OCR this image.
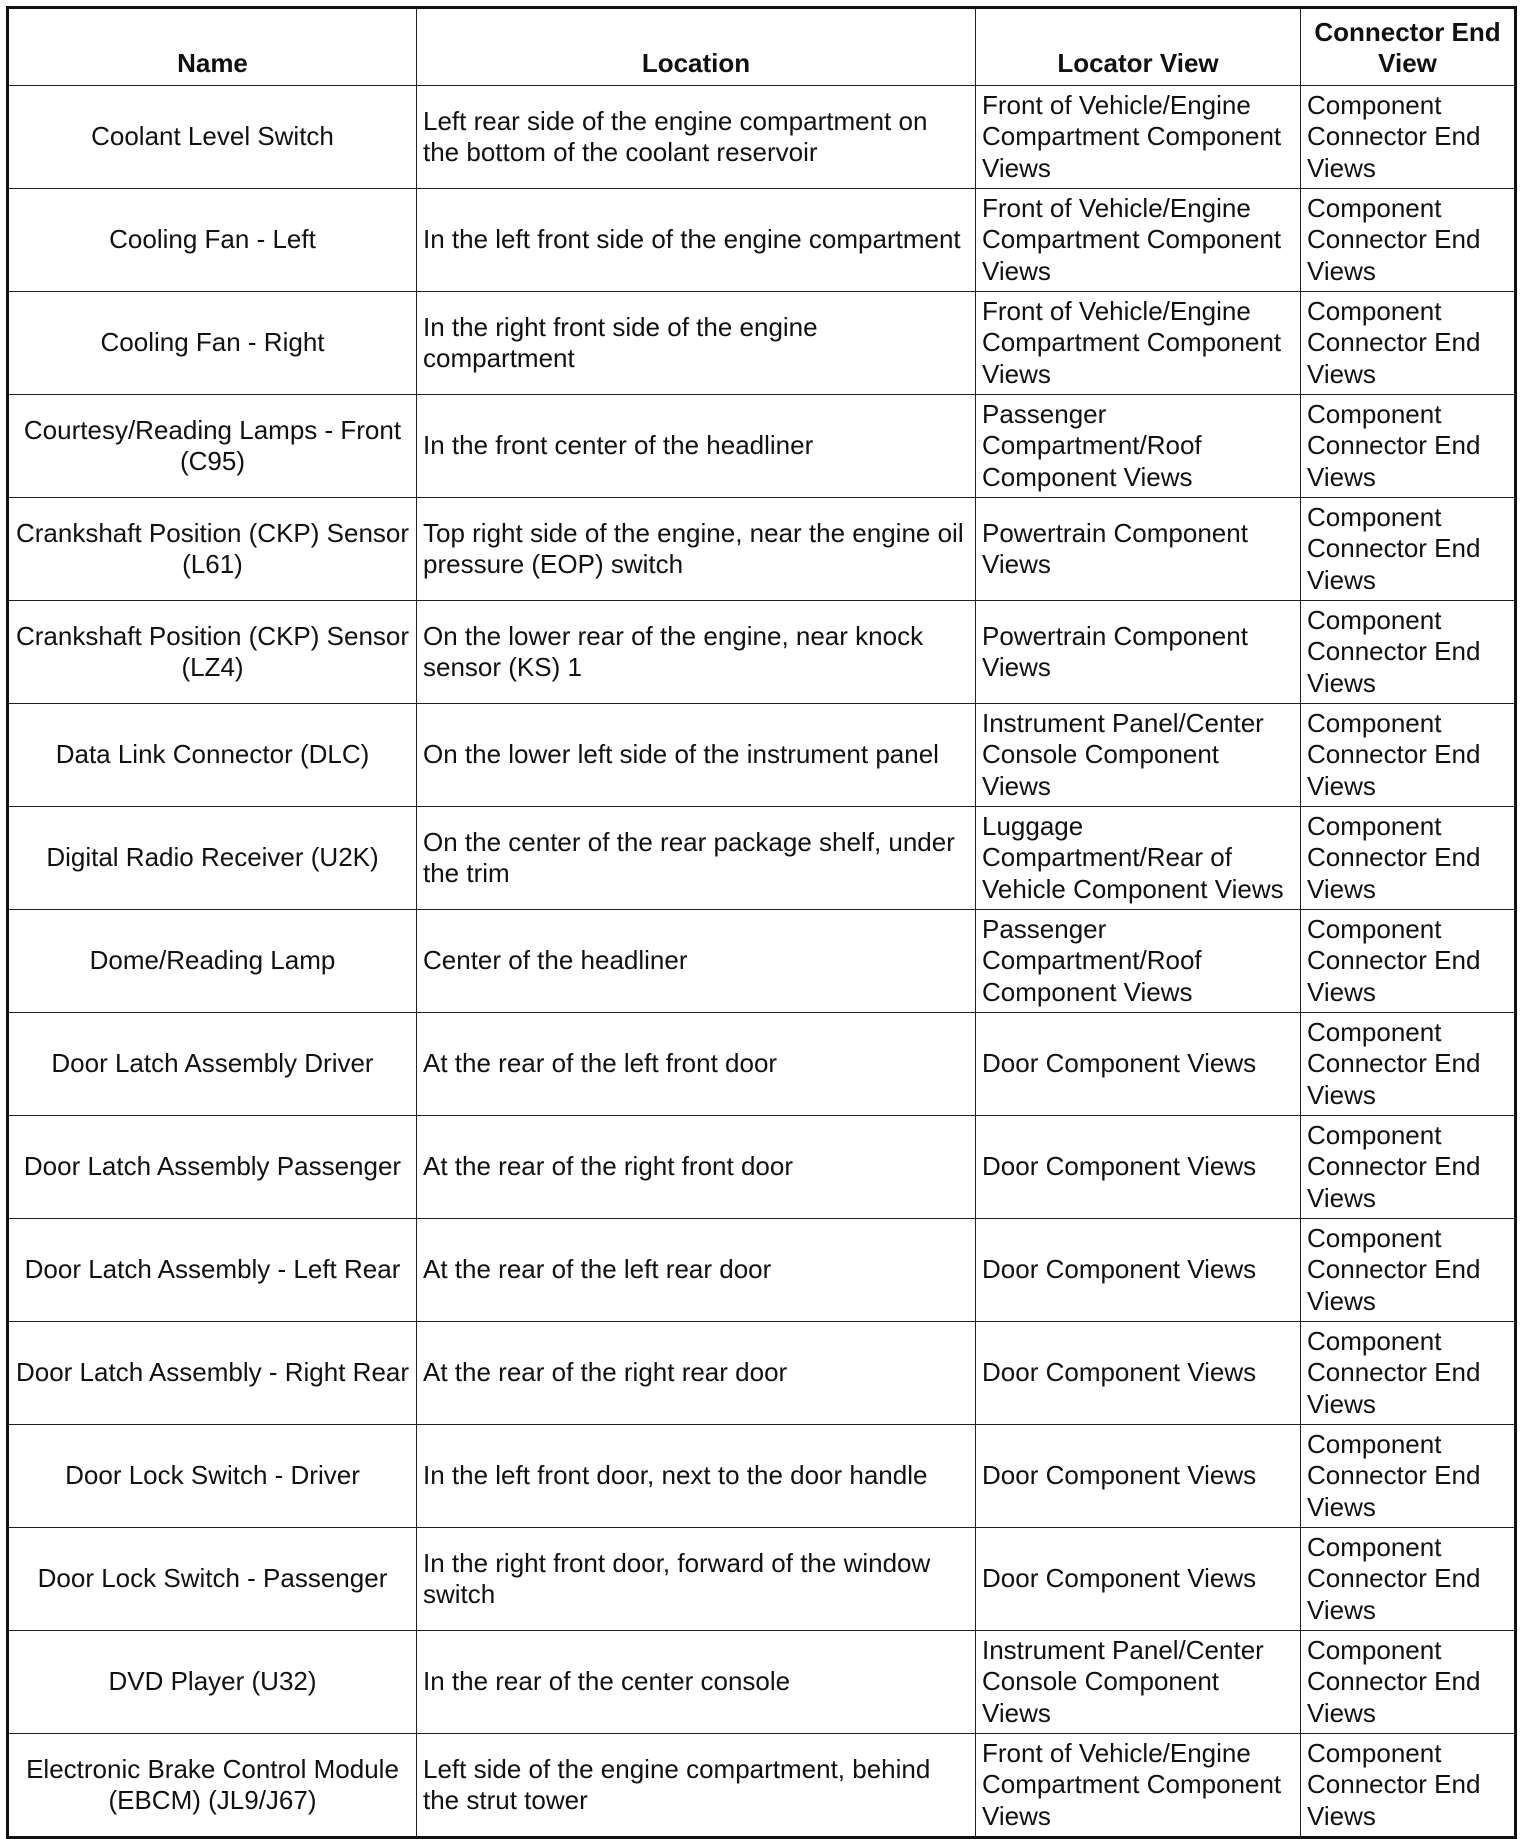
Name	Location	Locator View	Connector End View
Coolant Level Switch	Left rear side of the engine compartment on the bottom of the coolant reservoir	Front of Vehicle/Engine Compartment Component Views	Component Connector End Views
Cooling Fan - Left	In the left front side of the engine compartment	Front of Vehicle/Engine Compartment Component Views	Component Connector End Views
Cooling Fan - Right	In the right front side of the engine compartment	Front of Vehicle/Engine Compartment Component Views	Component Connector End Views
Courtesy/Reading Lamps - Front (C95)	In the front center of the headliner	Passenger Compartment/Roof Component Views	Component Connector End Views
Crankshaft Position (CKP) Sensor (L61)	Top right side of the engine, near the engine oil pressure (EOP) switch	Powertrain Component Views	Component Connector End Views
Crankshaft Position (CKP) Sensor (LZ4)	On the lower rear of the engine, near knock sensor (KS) 1	Powertrain Component Views	Component Connector End Views
Data Link Connector (DLC)	On the lower left side of the instrument panel	Instrument Panel/Center Console Component Views	Component Connector End Views
Digital Radio Receiver (U2K)	On the center of the rear package shelf, under the trim	Luggage Compartment/Rear of Vehicle Component Views	Component Connector End Views
Dome/Reading Lamp	Center of the headliner	Passenger Compartment/Roof Component Views	Component Connector End Views
Door Latch Assembly Driver	At the rear of the left front door	Door Component Views	Component Connector End Views
Door Latch Assembly Passenger	At the rear of the right front door	Door Component Views	Component Connector End Views
Door Latch Assembly - Left Rear	At the rear of the left rear door	Door Component Views	Component Connector End Views
Door Latch Assembly - Right Rear	At the rear of the right rear door	Door Component Views	Component Connector End Views
Door Lock Switch - Driver	In the left front door, next to the door handle	Door Component Views	Component Connector End Views
Door Lock Switch - Passenger	In the right front door, forward of the window switch	Door Component Views	Component Connector End Views
DVD Player (U32)	In the rear of the center console	Instrument Panel/Center Console Component Views	Component Connector End Views
Electronic Brake Control Module (EBCM) (JL9/J67)	Left side of the engine compartment, behind the strut tower	Front of Vehicle/Engine Compartment Component Views	Component Connector End Views
